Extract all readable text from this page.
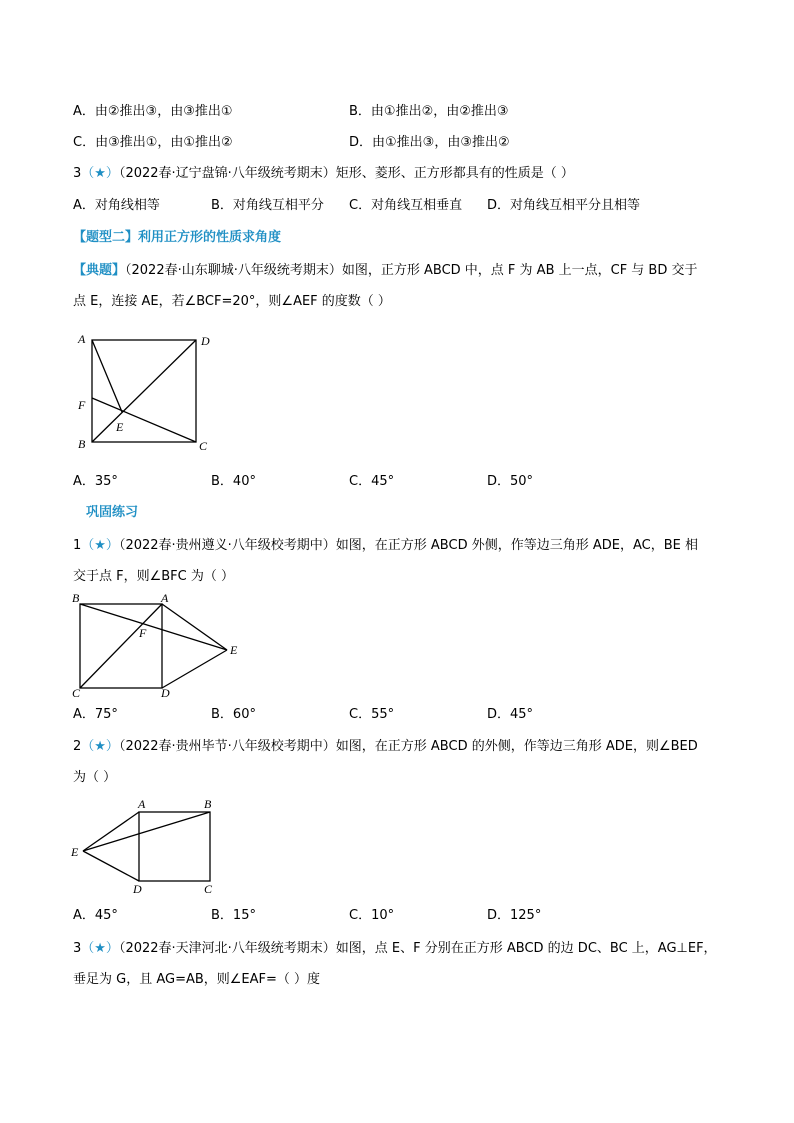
A．由②推出③，由③推出①	B．由①推出②，由②推出③
C．由③推出①，由①推出②	D．由①推出③，由③推出②
3（★）（2022春·辽宁盘锦·八年级统考期末）矩形、菱形、正方形都具有的性质是（ ）
A．对角线相等	B．对角线互相平分 C．对角线互相垂直 D．对角线互相平分且相等
【题型二】利用正方形的性质求角度
【典题】（2022春·山东聊城·八年级统考期末）如图，正方形 ABCD 中，点 F 为 AB 上一点，CF 与 BD 交于
点 E，连接 AE，若∠BCF=20°，则∠AEF 的度数（ ）
A	D
F
E
B	C
A．35°	B．40°	C．45°	D．50°
巩固练习
1（★）（2022春·贵州遵义·八年级校考期中）如图，在正方形 ABCD 外侧，作等边三角形 ADE，AC，BE 相
交于点 F，则∠BFC 为（ ）
B	A
F
E
C	D
A．75°	B．60°	C．55°	D．45°
2（★）（2022春·贵州毕节·八年级校考期中）如图，在正方形 ABCD 的外侧，作等边三角形 ADE，则∠BED
为（ ）
A	B
E
D	C
A．45°	B．15°	C．10°	D．125°
3（★）（2022春·天津河北·八年级统考期末）如图，点 E、F 分别在正方形 ABCD 的边 DC、BC 上，AG⊥EF，
垂足为 G，且 AG=AB，则∠EAF=（ ）度
